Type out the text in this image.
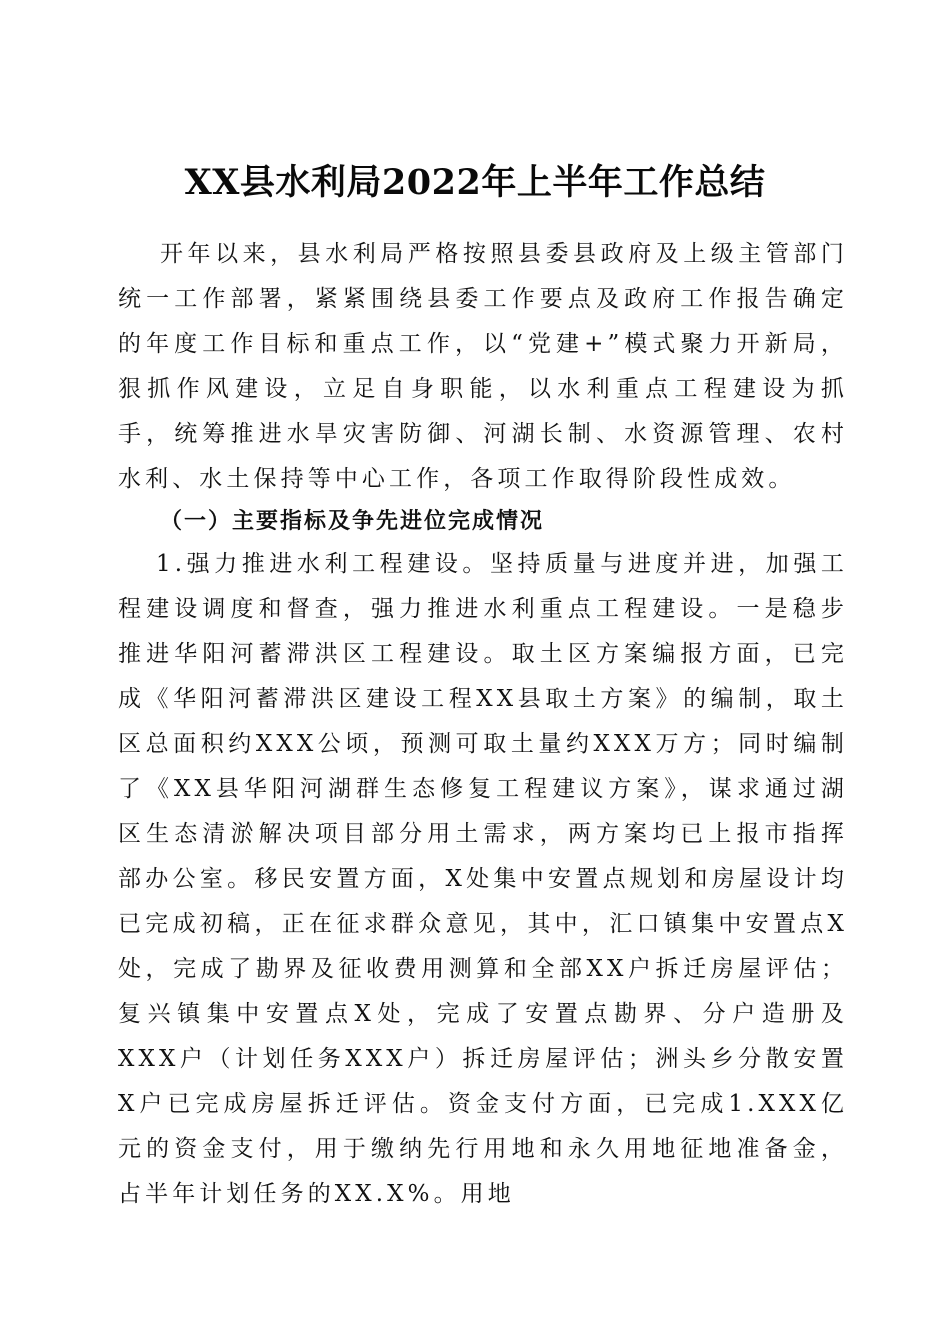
XX县水利局2022年上半年工作总结

开年以来，县水利局严格按照县委县政府及上级主管部门统一工作部署，紧紧围绕县委工作要点及政府工作报告确定的年度工作目标和重点工作，以“党建+”模式聚力开新局，狠抓作风建设，立足自身职能，以水利重点工程建设为抓手，统筹推进水旱灾害防御、河湖长制、水资源管理、农村水利、水土保持等中心工作，各项工作取得阶段性成效。

（一）主要指标及争先进位完成情况

1.强力推进水利工程建设。坚持质量与进度并进，加强工程建设调度和督查，强力推进水利重点工程建设。一是稳步推进华阳河蓄滞洪区工程建设。取土区方案编报方面，已完成《华阳河蓄滞洪区建设工程XX县取土方案》的编制，取土区总面积约XXX公顷，预测可取土量约XXX万方；同时编制了《XX县华阳河湖群生态修复工程建议方案》，谋求通过湖区生态清淤解决项目部分用土需求，两方案均已上报市指挥部办公室。移民安置方面，X处集中安置点规划和房屋设计均已完成初稿，正在征求群众意见，其中，汇口镇集中安置点X处，完成了勘界及征收费用测算和全部XX户拆迁房屋评估；复兴镇集中安置点X处，完成了安置点勘界、分户造册及XXX户（计划任务XXX户）拆迁房屋评估；洲头乡分散安置X户已完成房屋拆迁评估。资金支付方面，已完成1.XXX亿元的资金支付，用于缴纳先行用地和永久用地征地准备金，占半年计划任务的XX.X%。用地
